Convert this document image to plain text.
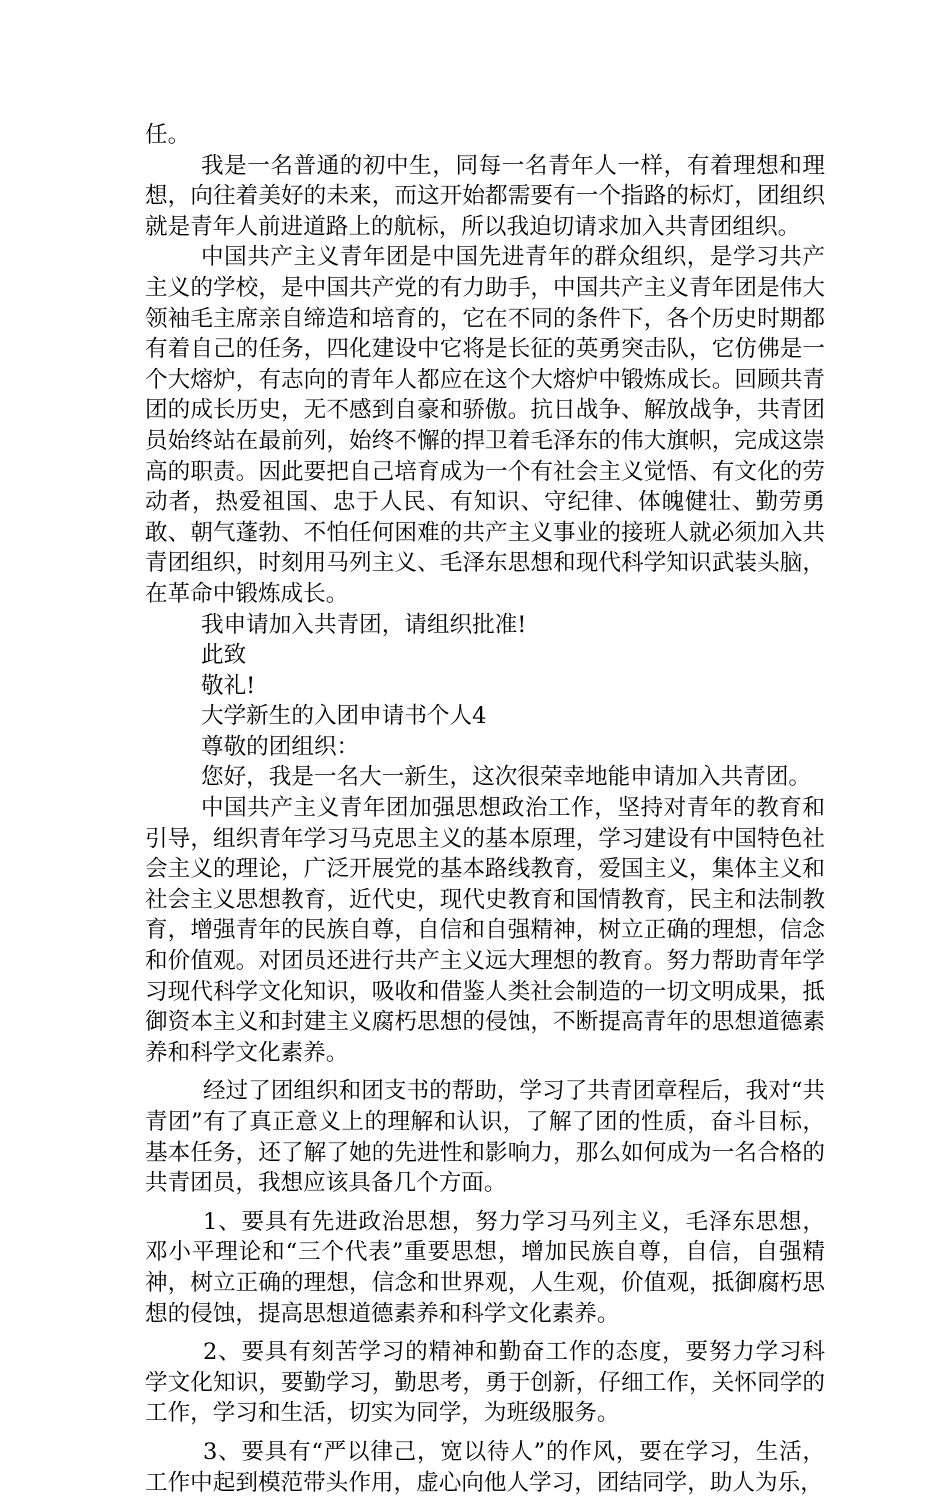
任。

我是一名普通的初中生，同每一名青年人一样，有着理想和理想，向往着美好的未来，而这开始都需要有一个指路的标灯，团组织就是青年人前进道路上的航标，所以我迫切请求加入共青团组织。

中国共产主义青年团是中国先进青年的群众组织，是学习共产主义的学校，是中国共产党的有力助手，中国共产主义青年团是伟大领袖毛主席亲自缔造和培育的，它在不同的条件下，各个历史时期都有着自己的任务，四化建设中它将是长征的英勇突击队，它仿佛是一个大熔炉，有志向的青年人都应在这个大熔炉中锻炼成长。回顾共青团的成长历史，无不感到自豪和骄傲。抗日战争、解放战争，共青团员始终站在最前列，始终不懈的捍卫着毛泽东的伟大旗帜，完成这崇高的职责。因此要把自己培育成为一个有社会主义觉悟、有文化的劳动者，热爱祖国、忠于人民、有知识、守纪律、体魄健壮、勤劳勇敢、朝气蓬勃、不怕任何困难的共产主义事业的接班人就必须加入共青团组织，时刻用马列主义、毛泽东思想和现代科学知识武装头脑，在革命中锻炼成长。

我申请加入共青团，请组织批准!

此致

敬礼!

大学新生的入团申请书个人4

尊敬的团组织：

您好，我是一名大一新生，这次很荣幸地能申请加入共青团。

中国共产主义青年团加强思想政治工作，坚持对青年的教育和引导，组织青年学习马克思主义的基本原理，学习建设有中国特色社会主义的理论，广泛开展党的基本路线教育，爱国主义，集体主义和社会主义思想教育，近代史，现代史教育和国情教育，民主和法制教育，增强青年的民族自尊，自信和自强精神，树立正确的理想，信念和价值观。对团员还进行共产主义远大理想的教育。努力帮助青年学习现代科学文化知识，吸收和借鉴人类社会制造的一切文明成果，抵御资本主义和封建主义腐朽思想的侵蚀，不断提高青年的思想道德素养和科学文化素养。

经过了团组织和团支书的帮助，学习了共青团章程后，我对“共青团”有了真正意义上的理解和认识，了解了团的性质，奋斗目标，基本任务，还了解了她的先进性和影响力，那么如何成为一名合格的共青团员，我想应该具备几个方面。

1、要具有先进政治思想，努力学习马列主义，毛泽东思想，邓小平理论和“三个代表”重要思想，增加民族自尊，自信，自强精神，树立正确的理想，信念和世界观，人生观，价值观，抵御腐朽思想的侵蚀，提高思想道德素养和科学文化素养。

2、要具有刻苦学习的精神和勤奋工作的态度，要努力学习科学文化知识，要勤学习，勤思考，勇于创新，仔细工作，关怀同学的工作，学习和生活，切实为同学，为班级服务。

3、要具有“严以律己，宽以待人”的作风，要在学习，生活，工作中起到模范带头作用，虚心向他人学习，团结同学，助人为乐，
